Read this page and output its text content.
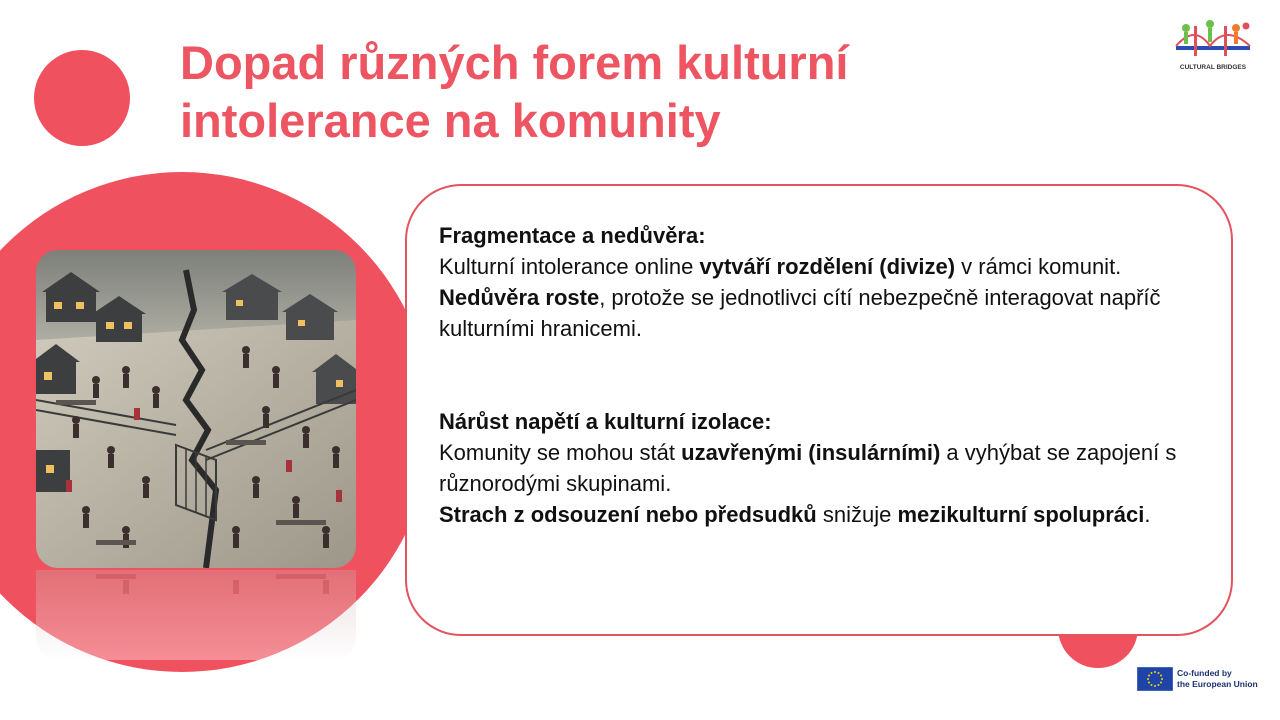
Dopad různých forem kulturní
intolerance na komunity
CULTURAL BRIDGES

Fragmentace a nedůvěra:

Kulturní intolerance online vytváří rozdělení (divize) v rámci komunit.

Nedůvěra roste, protože se jednotlivci cítí nebezpečně interagovat napříč kulturními hranicemi.

Nárůst napětí a kulturní izolace:

Komunity se mohou stát uzavřenými (insulárními) a vyhýbat se zapojení s různorodými skupinami.

Strach z odsouzení nebo předsudků snižuje mezikulturní spolupráci.

Co-funded by
the European Union
